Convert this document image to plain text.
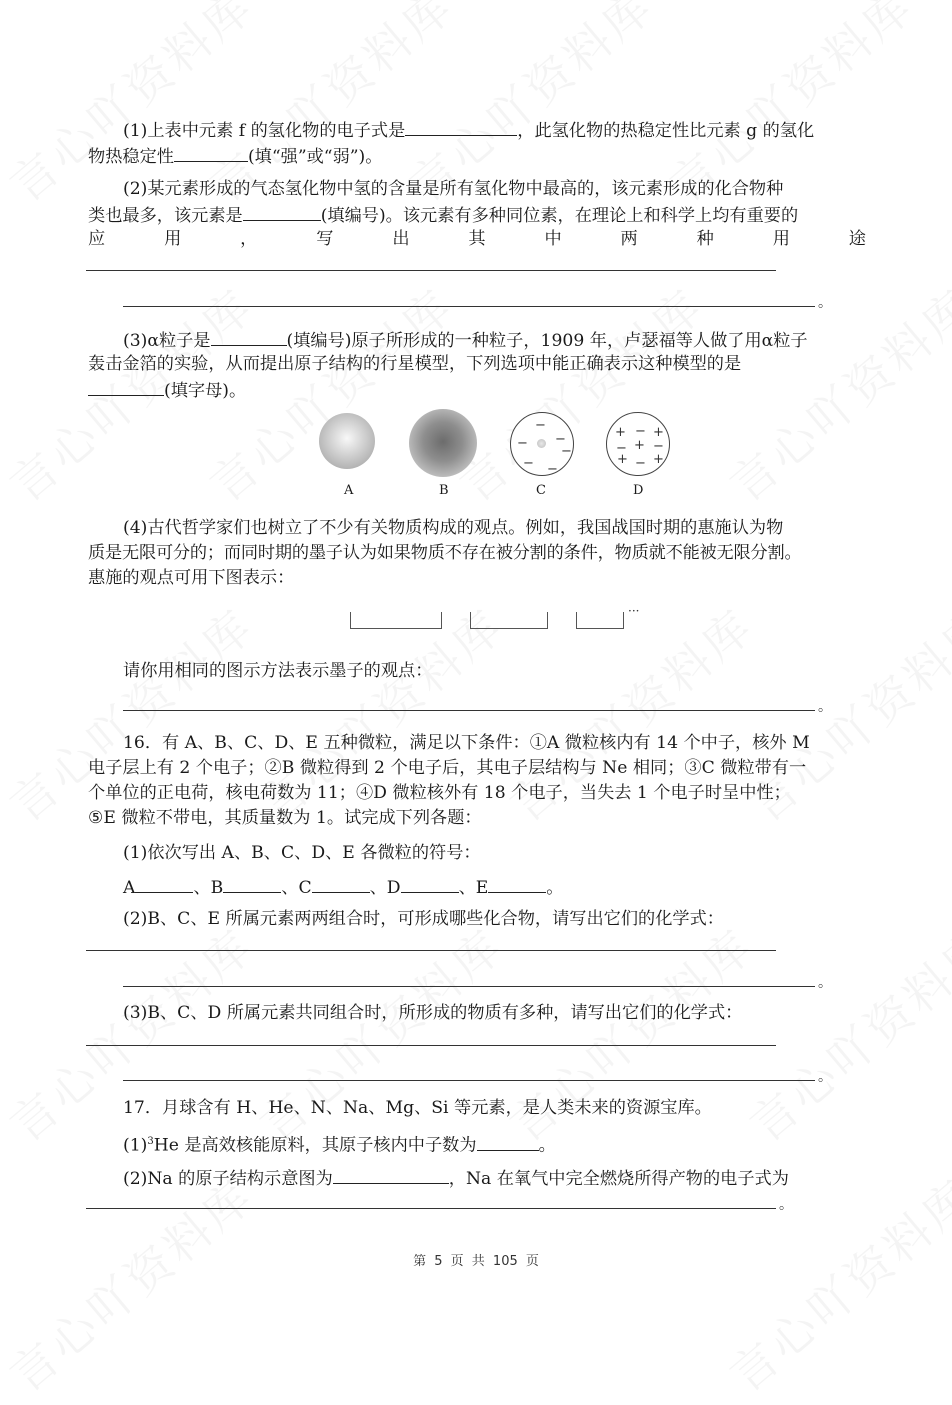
(1)上表中元素 f 的氢化物的电子式是	，此氢化物的热稳定性比元素 g 的氢化
物热稳定性	(填“强”或“弱”)。
(2)某元素形成的气态氢化物中氢的含量是所有氢化物中最高的，该元素形成的化合物种
类也最多，该元素是	(填编号)。该元素有多种同位素，在理论上和科学上均有重要的
应	用	，	写	出	其	中	两	种	用	途
。
(3)α粒子是	(填编号)原子所形成的一种粒子，1909 年，卢瑟福等人做了用α粒子
轰击金箔的实验，从而提出原子结构的行星模型，下列选项中能正确表示这种模型的是
(填字母)。
−
− −
−
− −
+ − +
− + −
+ − +
A	B	C	D
(4)古代哲学家们也树立了不少有关物质构成的观点。例如，我国战国时期的惠施认为物
质是无限可分的；而同时期的墨子认为如果物质不存在被分割的条件，物质就不能被无限分割。
惠施的观点可用下图表示：
···
请你用相同的图示方法表示墨子的观点：
。
16．有 A、B、C、D、E 五种微粒，满足以下条件：①A 微粒核内有 14 个中子，核外 M
电子层上有 2 个电子；②B 微粒得到 2 个电子后，其电子层结构与 Ne 相同；③C 微粒带有一
个单位的正电荷，核电荷数为 11；④D 微粒核外有 18 个电子，当失去 1 个电子时呈中性；
⑤E 微粒不带电，其质量数为 1。试完成下列各题：
(1)依次写出 A、B、C、D、E 各微粒的符号：
A	、B	、C	、D	、E	。
(2)B、C、E 所属元素两两组合时，可形成哪些化合物，请写出它们的化学式：
。
(3)B、C、D 所属元素共同组合时，所形成的物质有多种，请写出它们的化学式：
。
17．月球含有 H、He、N、Na、Mg、Si 等元素，是人类未来的资源宝库。
$(1)^3He$ 是高效核能原料，其原子核内中子数为	。
(2)Na 的原子结构示意图为	，Na 在氧气中完全燃烧所得产物的电子式为
。
第 5 页 共 105 页
